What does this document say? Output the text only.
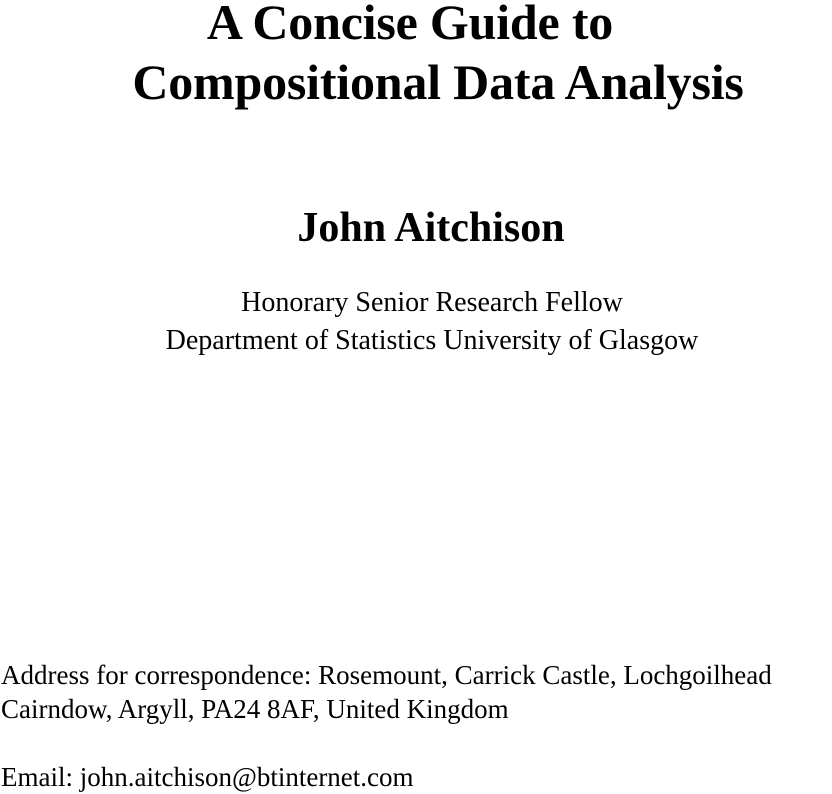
A Concise Guide to
Compositional Data Analysis
John Aitchison
Honorary Senior Research Fellow
Department of Statistics University of Glasgow
Address for correspondence: Rosemount, Carrick Castle, Lochgoilhead
Cairndow, Argyll, PA24 8AF, United Kingdom
Email: john.aitchison@btinternet.com
